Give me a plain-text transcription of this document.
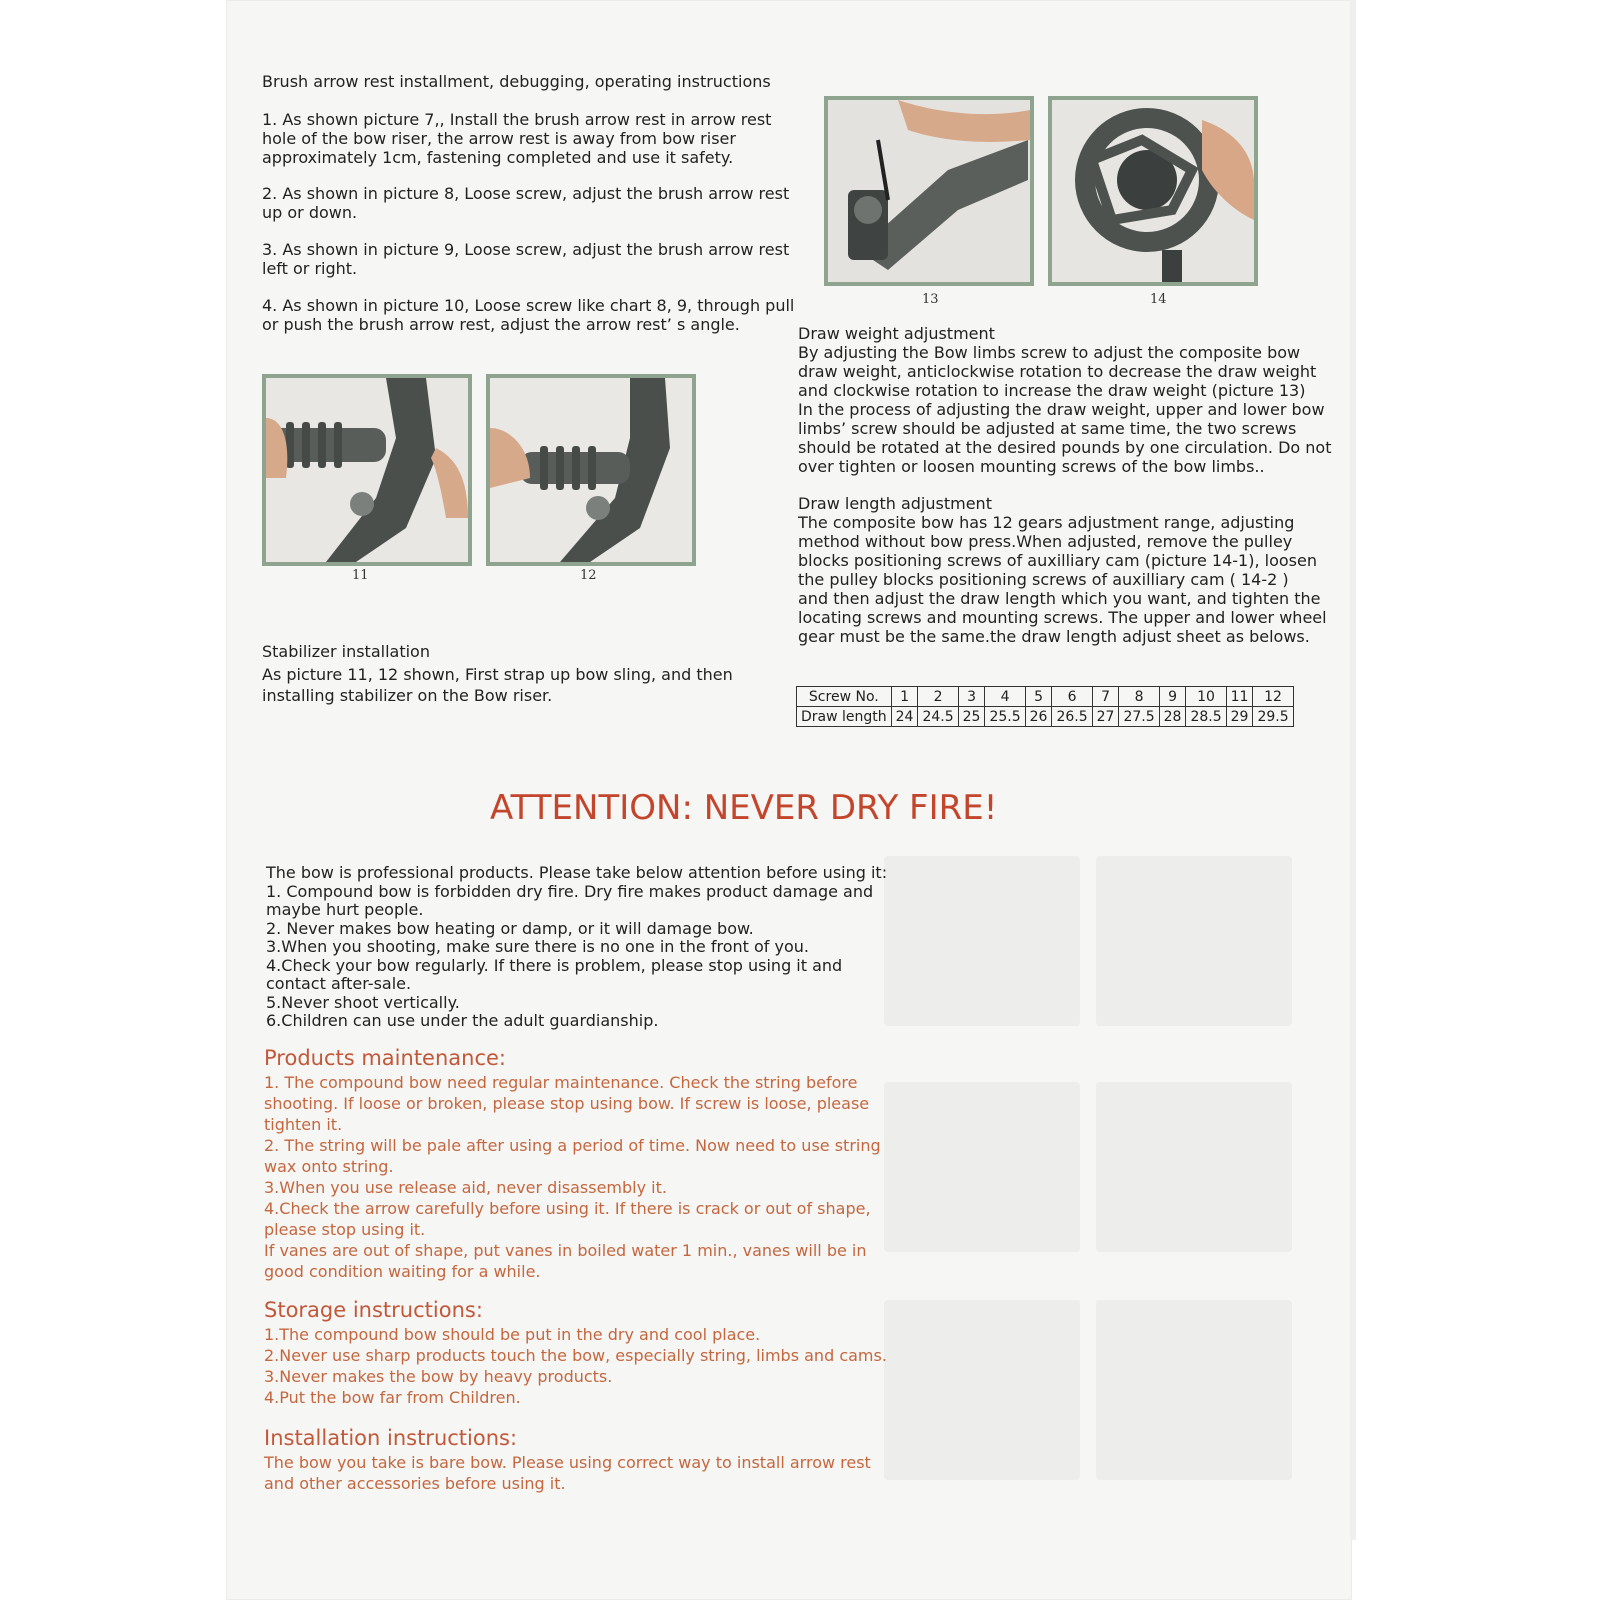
Brush arrow rest installment, debugging, operating instructions
1. As shown picture 7,, Install the brush arrow rest in arrow rest
hole of the bow riser, the arrow rest is away from bow riser
approximately 1cm, fastening completed and use it safety.
2. As shown in picture 8, Loose screw, adjust the brush arrow rest
up or down.
3. As shown in picture 9, Loose screw, adjust the brush arrow rest
left or right.
4. As shown in picture 10, Loose screw like chart 8, 9, through pull
or push the brush arrow rest, adjust the arrow rest’ s angle.
13	14
11	12
Draw weight adjustment
By adjusting the Bow limbs screw to adjust the composite bow
draw weight, anticlockwise rotation to decrease the draw weight
and clockwise rotation to increase the draw weight (picture 13)
In the process of adjusting the draw weight, upper and lower bow
limbs’ screw should be adjusted at same time, the two screws
should be rotated at the desired pounds by one circulation. Do not
over tighten or loosen mounting screws of the bow limbs..
Draw length adjustment
The composite bow has 12 gears adjustment range, adjusting
method without bow press.When adjusted, remove the pulley
blocks positioning screws of auxilliary cam (picture 14-1), loosen
the pulley blocks positioning screws of auxilliary cam ( 14-2 )
and then adjust the draw length which you want, and tighten the
locating screws and mounting screws. The upper and lower wheel
gear must be the same.the draw length adjust sheet as belows.
Stabilizer installation
As picture 11, 12 shown, First strap up bow sling, and then
installing stabilizer on the Bow riser.	Screw No.	1	2	3	4	5	6	7	8	9	10	11	12
Draw length	24	24.5	25	25.5	26	26.5	27	27.5	28	28.5	29	29.5
ATTENTION: NEVER DRY FIRE!
The bow is professional products. Please take below attention before using it:
1. Compound bow is forbidden dry fire. Dry fire makes product damage and
maybe hurt people.
2. Never makes bow heating or damp, or it will damage bow.
3.When you shooting, make sure there is no one in the front of you.
4.Check your bow regularly. If there is problem, please stop using it and
contact after-sale.
5.Never shoot vertically.
6.Children can use under the adult guardianship.
Products maintenance:
1. The compound bow need regular maintenance. Check the string before
shooting. If loose or broken, please stop using bow. If screw is loose, please
tighten it.
2. The string will be pale after using a period of time. Now need to use string
wax onto string.
3.When you use release aid, never disassembly it.
4.Check the arrow carefully before using it. If there is crack or out of shape,
please stop using it.
If vanes are out of shape, put vanes in boiled water 1 min., vanes will be in
good condition waiting for a while.
Storage instructions:
1.The compound bow should be put in the dry and cool place.
2.Never use sharp products touch the bow, especially string, limbs and cams.
3.Never makes the bow by heavy products.
4.Put the bow far from Children.
Installation instructions:
The bow you take is bare bow. Please using correct way to install arrow rest
and other accessories before using it.
